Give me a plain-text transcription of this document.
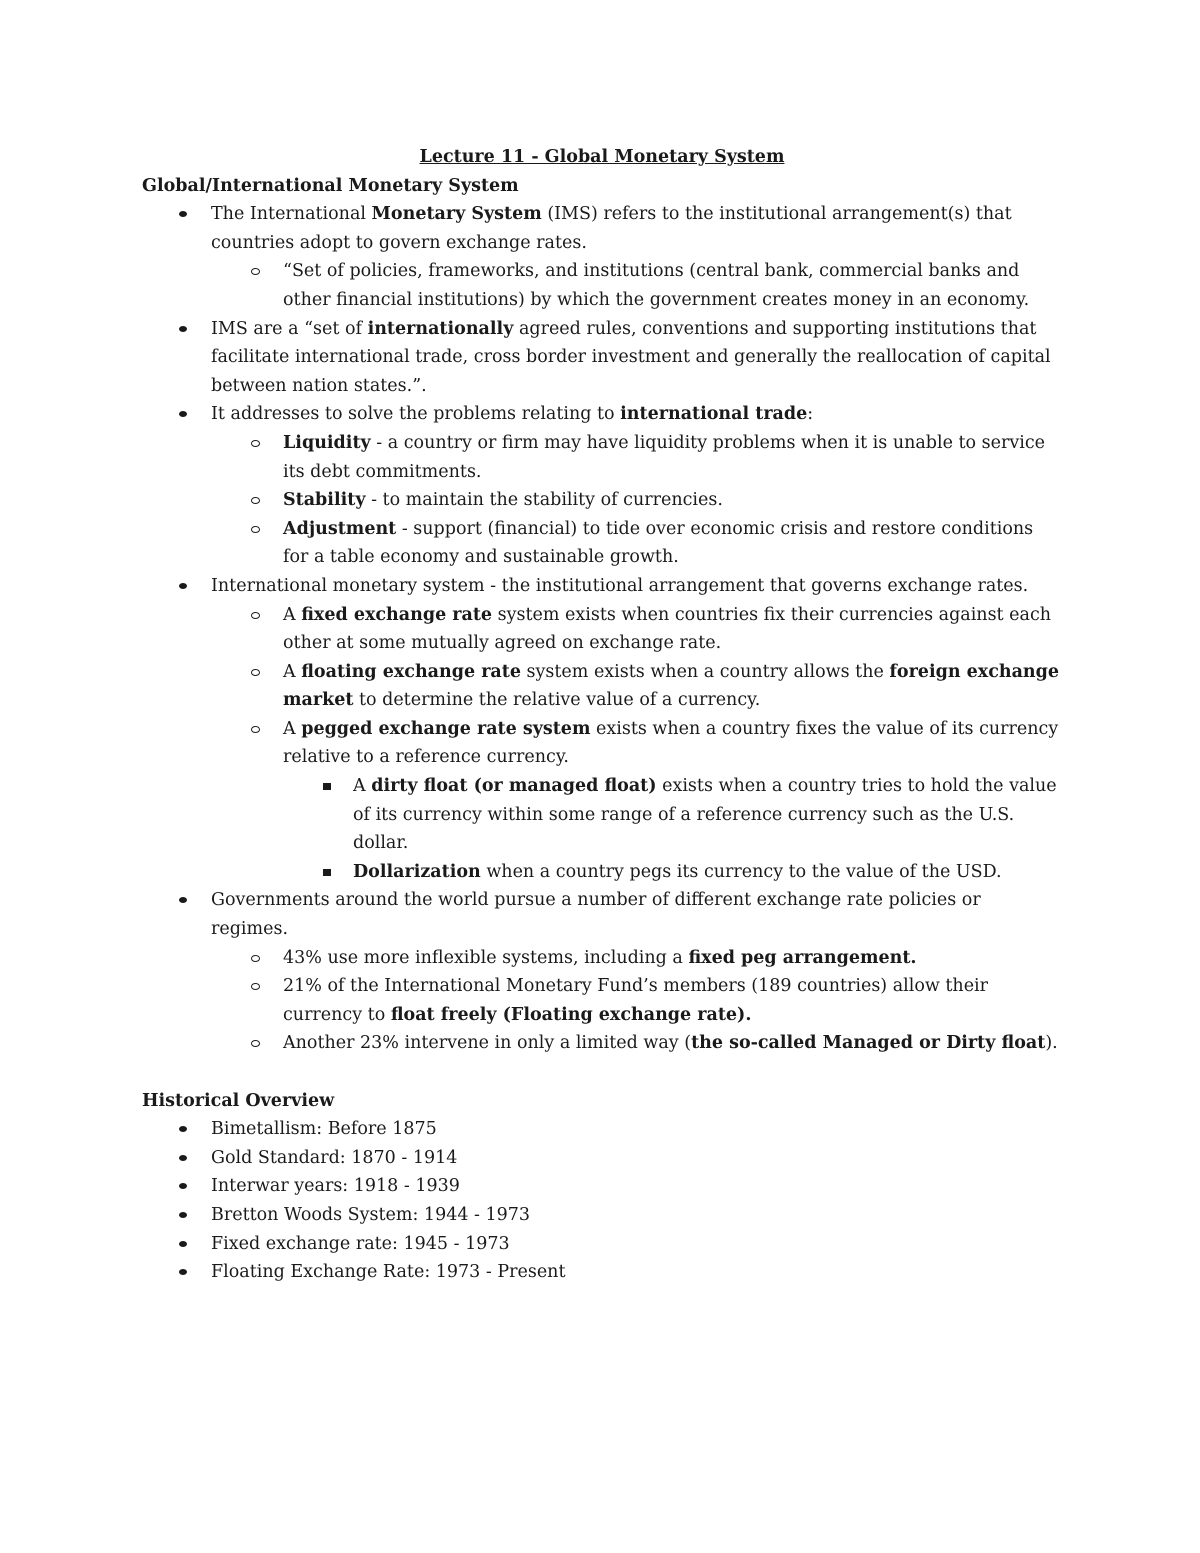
Lecture 11 - Global Monetary System

Global/International Monetary System

The International Monetary System (IMS) refers to the institutional arrangement(s) that countries adopt to govern exchange rates.
“Set of policies, frameworks, and institutions (central bank, commercial banks and other financial institutions) by which the government creates money in an economy.
IMS are a “set of internationally agreed rules, conventions and supporting institutions that facilitate international trade, cross border investment and generally the reallocation of capital between nation states.”.
It addresses to solve the problems relating to international trade:
Liquidity - a country or firm may have liquidity problems when it is unable to service its debt commitments.
Stability - to maintain the stability of currencies.
Adjustment - support (financial) to tide over economic crisis and restore conditions for a table economy and sustainable growth.
International monetary system - the institutional arrangement that governs exchange rates.
A fixed exchange rate system exists when countries fix their currencies against each other at some mutually agreed on exchange rate.
A floating exchange rate system exists when a country allows the foreign exchange market to determine the relative value of a currency.
A pegged exchange rate system exists when a country fixes the value of its currency relative to a reference currency.
A dirty float (or managed float) exists when a country tries to hold the value of its currency within some range of a reference currency such as the U.S. dollar.
Dollarization when a country pegs its currency to the value of the USD.
Governments around the world pursue a number of different exchange rate policies or regimes.
43% use more inflexible systems, including a fixed peg arrangement.
21% of the International Monetary Fund’s members (189 countries) allow their currency to float freely (Floating exchange rate).
Another 23% intervene in only a limited way (the so-called Managed or Dirty float).

Historical Overview

Bimetallism: Before 1875
Gold Standard: 1870 - 1914
Interwar years: 1918 - 1939
Bretton Woods System: 1944 - 1973
Fixed exchange rate: 1945 - 1973
Floating Exchange Rate: 1973 - Present
